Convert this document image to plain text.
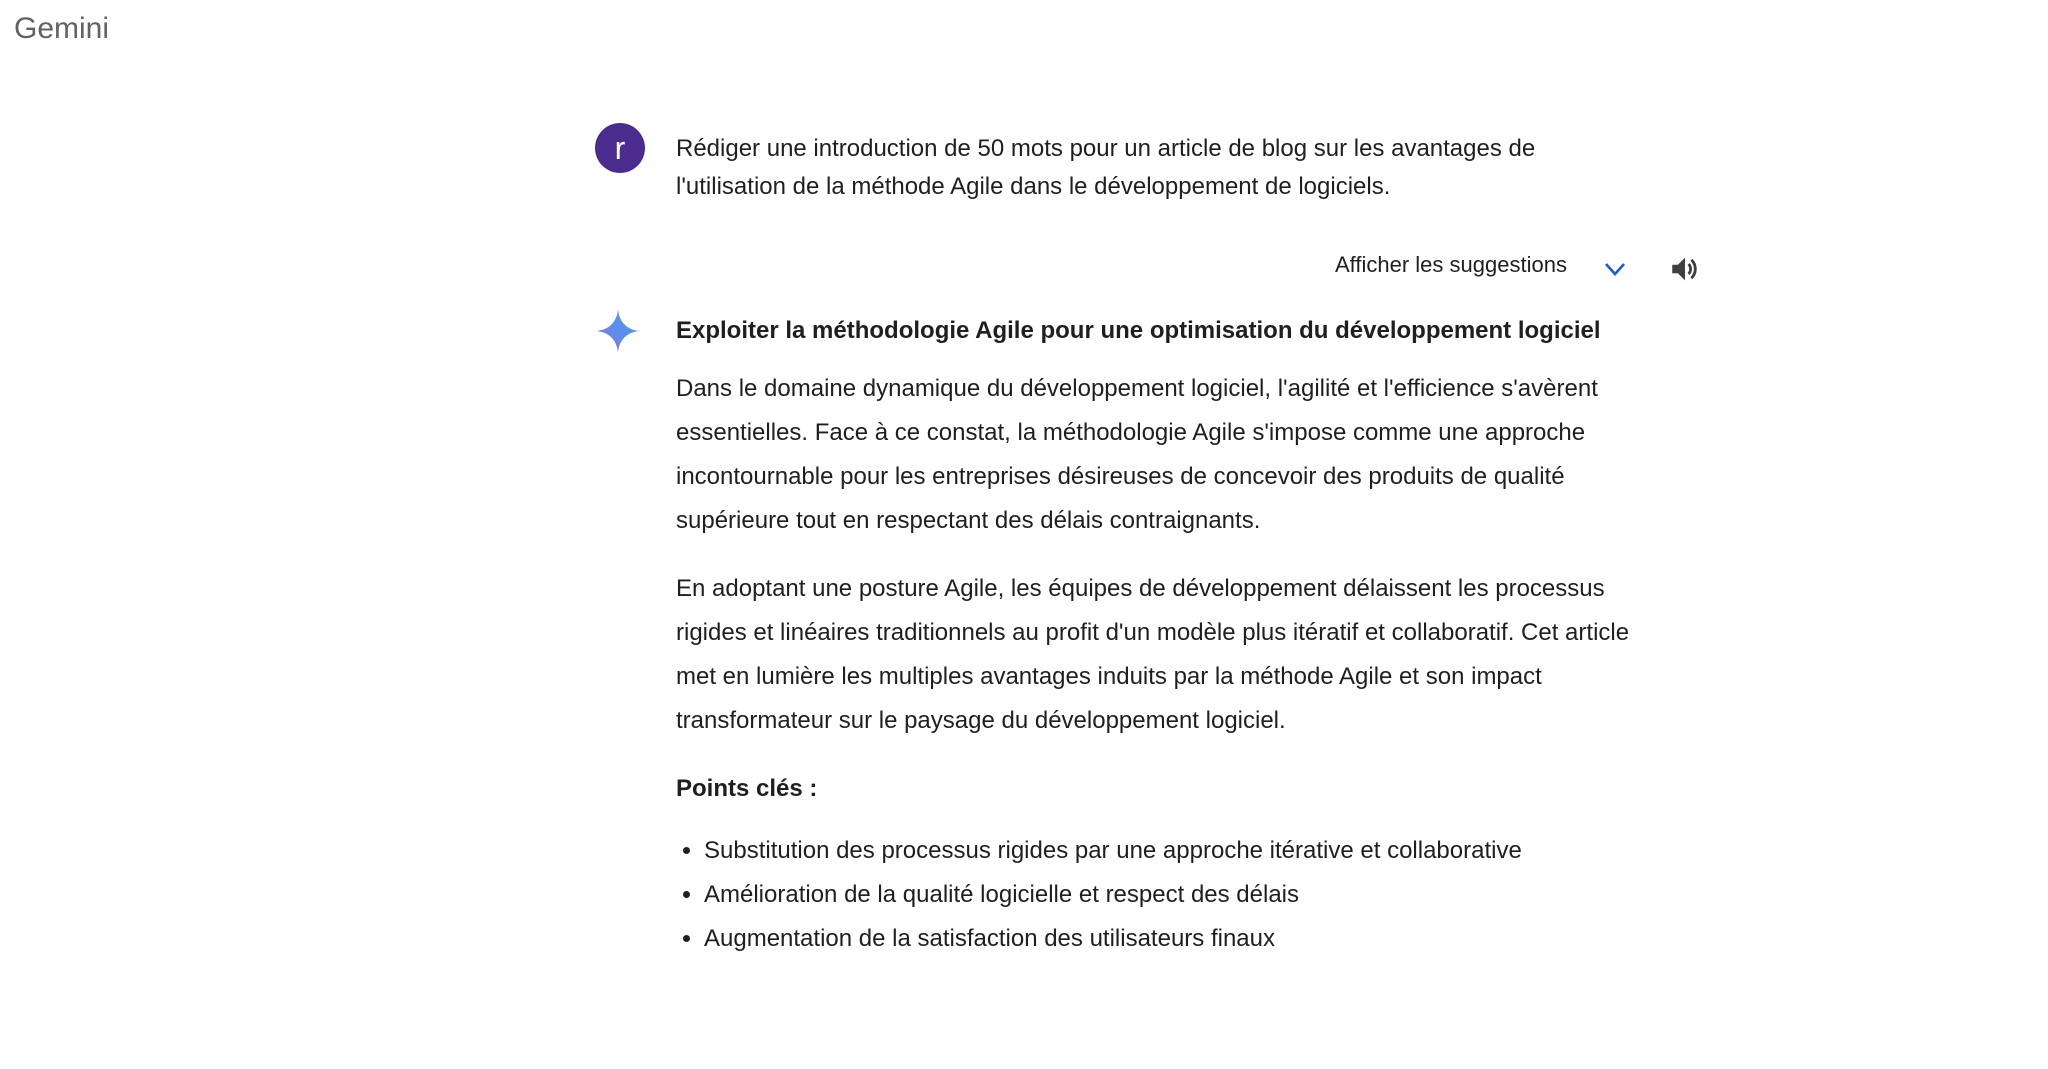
Gemini
r Rédiger une introduction de 50 mots pour un article de blog sur les avantages de l'utilisation de la méthode Agile dans le développement de logiciels.
Afficher les suggestions
Exploiter la méthodologie Agile pour une optimisation du développement logiciel

Dans le domaine dynamique du développement logiciel, l'agilité et l'efficience s'avèrent essentielles. Face à ce constat, la méthodologie Agile s'impose comme une approche incontournable pour les entreprises désireuses de concevoir des produits de qualité supérieure tout en respectant des délais contraignants.

En adoptant une posture Agile, les équipes de développement délaissent les processus rigides et linéaires traditionnels au profit d'un modèle plus itératif et collaboratif. Cet article met en lumière les multiples avantages induits par la méthode Agile et son impact transformateur sur le paysage du développement logiciel.

Points clés :
• Substitution des processus rigides par une approche itérative et collaborative
• Amélioration de la qualité logicielle et respect des délais
• Augmentation de la satisfaction des utilisateurs finaux
